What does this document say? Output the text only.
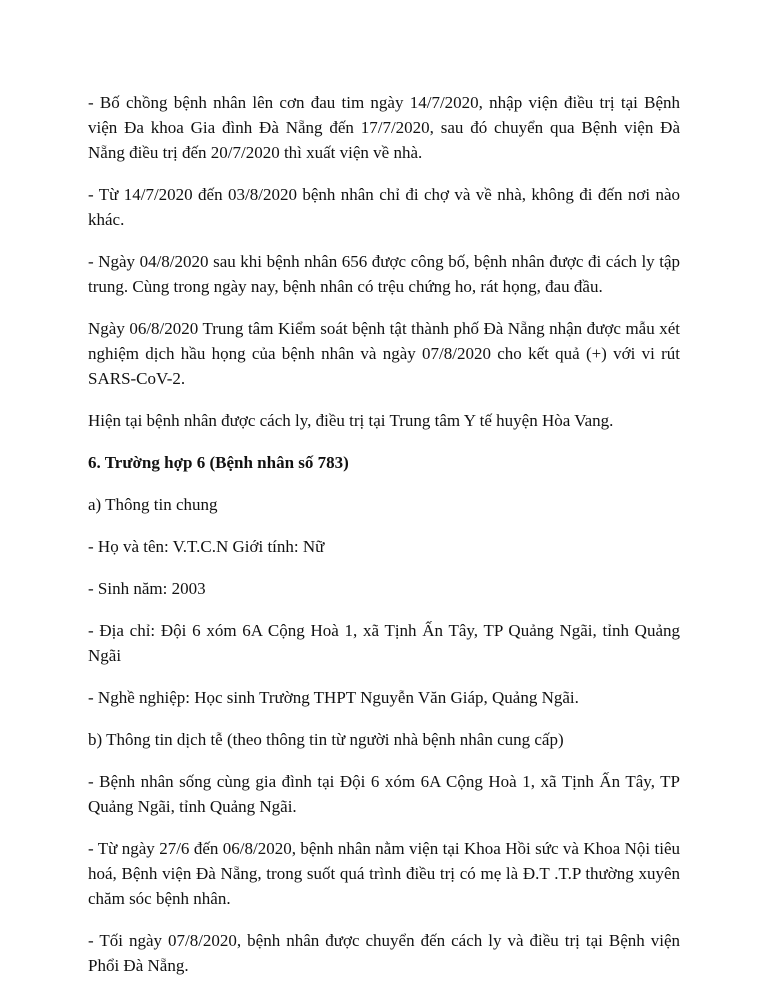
- Bố chồng bệnh nhân lên cơn đau tim ngày 14/7/2020, nhập viện điều trị tại Bệnh viện Đa khoa Gia đình Đà Nẵng đến 17/7/2020, sau đó chuyển qua Bệnh viện Đà Nẵng điều trị đến 20/7/2020 thì xuất viện về nhà.

- Từ 14/7/2020 đến 03/8/2020 bệnh nhân chỉ đi chợ và về nhà, không đi đến nơi nào khác.

- Ngày 04/8/2020 sau khi bệnh nhân 656 được công bố, bệnh nhân được đi cách ly tập trung. Cùng trong ngày nay, bệnh nhân có trệu chứng ho, rát họng, đau đầu.

Ngày 06/8/2020 Trung tâm Kiểm soát bệnh tật thành phố Đà Nẵng nhận được mẫu xét nghiệm dịch hầu họng của bệnh nhân và ngày 07/8/2020 cho kết quả (+) với vi rút SARS-CoV-2.

Hiện tại bệnh nhân được cách ly, điều trị tại Trung tâm Y tế huyện Hòa Vang.

6. Trường hợp 6 (Bệnh nhân số 783)

a) Thông tin chung

- Họ và tên: V.T.C.N Giới tính: Nữ

- Sinh năm: 2003

- Địa chỉ: Đội 6 xóm 6A Cộng Hoà 1, xã Tịnh Ấn Tây, TP Quảng Ngãi, tỉnh Quảng Ngãi

- Nghề nghiệp: Học sinh Trường THPT Nguyễn Văn Giáp, Quảng Ngãi.

b) Thông tin dịch tễ (theo thông tin từ người nhà bệnh nhân cung cấp)

- Bệnh nhân sống cùng gia đình tại Đội 6 xóm 6A Cộng Hoà 1, xã Tịnh Ấn Tây, TP Quảng Ngãi, tỉnh Quảng Ngãi.

- Từ ngày 27/6 đến 06/8/2020, bệnh nhân nằm viện tại Khoa Hồi sức và Khoa Nội tiêu hoá, Bệnh viện Đà Nẵng, trong suốt quá trình điều trị có mẹ là Đ.T .T.P thường xuyên chăm sóc bệnh nhân.

- Tối ngày 07/8/2020, bệnh nhân được chuyển đến cách ly và điều trị tại Bệnh viện Phổi Đà Nẵng.
